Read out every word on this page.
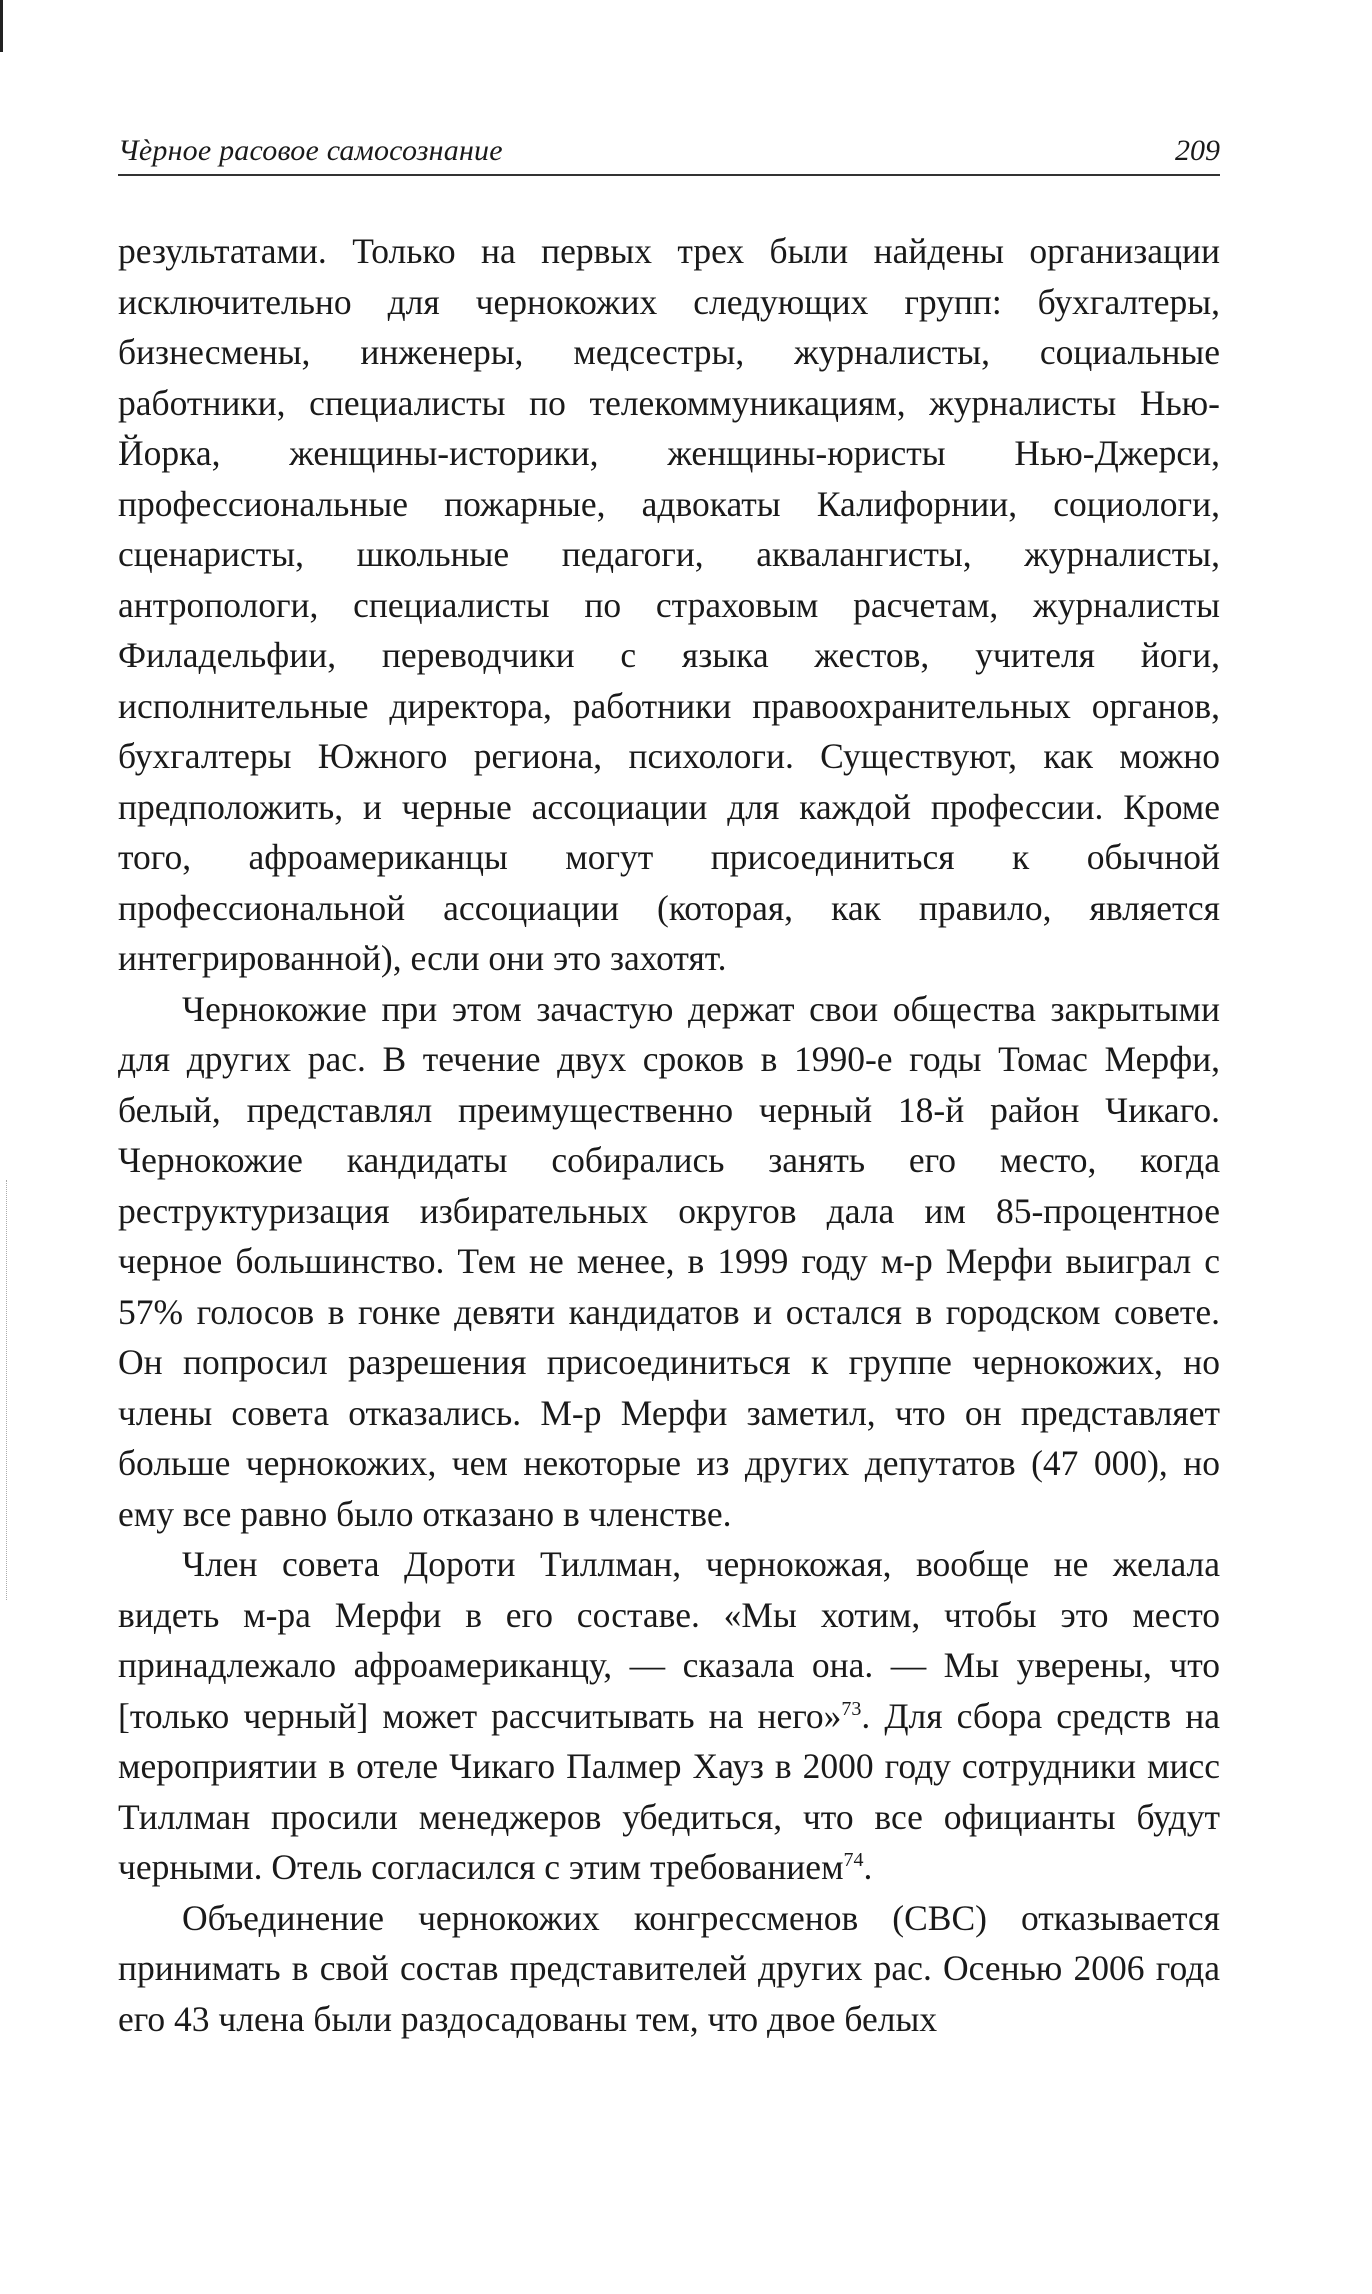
Чѐрное расовое самосознание	209

результатами. Только на первых трех были найдены организации исключительно для чернокожих следующих групп: бухгалтеры, бизнесмены, инженеры, медсестры, журналисты, социальные работники, специалисты по телекоммуникациям, журналисты Нью-Йорка, женщины-историки, женщины-юристы Нью-Джерси, профессиональные пожарные, адвокаты Калифорнии, социологи, сценаристы, школьные педагоги, аквалангисты, журналисты, антропологи, специалисты по страховым расчетам, журналисты Филадельфии, переводчики с языка жестов, учителя йоги, исполнительные директора, работники правоохранительных органов, бухгалтеры Южного региона, психологи. Существуют, как можно предположить, и черные ассоциации для каждой профессии. Кроме того, афроамериканцы могут присоединиться к обычной профессиональной ассоциации (которая, как правило, является интегрированной), если они это захотят.

Чернокожие при этом зачастую держат свои общества закрытыми для других рас. В течение двух сроков в 1990-е годы Томас Мерфи, белый, представлял преимущественно черный 18-й район Чикаго. Чернокожие кандидаты собирались занять его место, когда реструктуризация избирательных округов дала им 85-процентное черное большинство. Тем не менее, в 1999 году м-р Мерфи выиграл с 57% голосов в гонке девяти кандидатов и остался в городском совете. Он попросил разрешения присоединиться к группе чернокожих, но члены совета отказались. М-р Мерфи заметил, что он представляет больше чернокожих, чем некоторые из других депутатов (47 000), но ему все равно было отказано в членстве.

Член совета Дороти Тиллман, чернокожая, вообще не желала видеть м-ра Мерфи в его составе. «Мы хотим, чтобы это место принадлежало афроамериканцу, — сказала она. — Мы уверены, что [только черный] может рассчитывать на него»$^{73}$. Для сбора средств на мероприятии в отеле Чикаго Палмер Хауз в 2000 году сотрудники мисс Тиллман просили менеджеров убедиться, что все официанты будут черными. Отель согласился с этим требованием$^{74}$.

Объединение чернокожих конгрессменов (СВС) отказывается принимать в свой состав представителей других рас. Осенью 2006 года его 43 члена были раздосадованы тем, что двое белых
